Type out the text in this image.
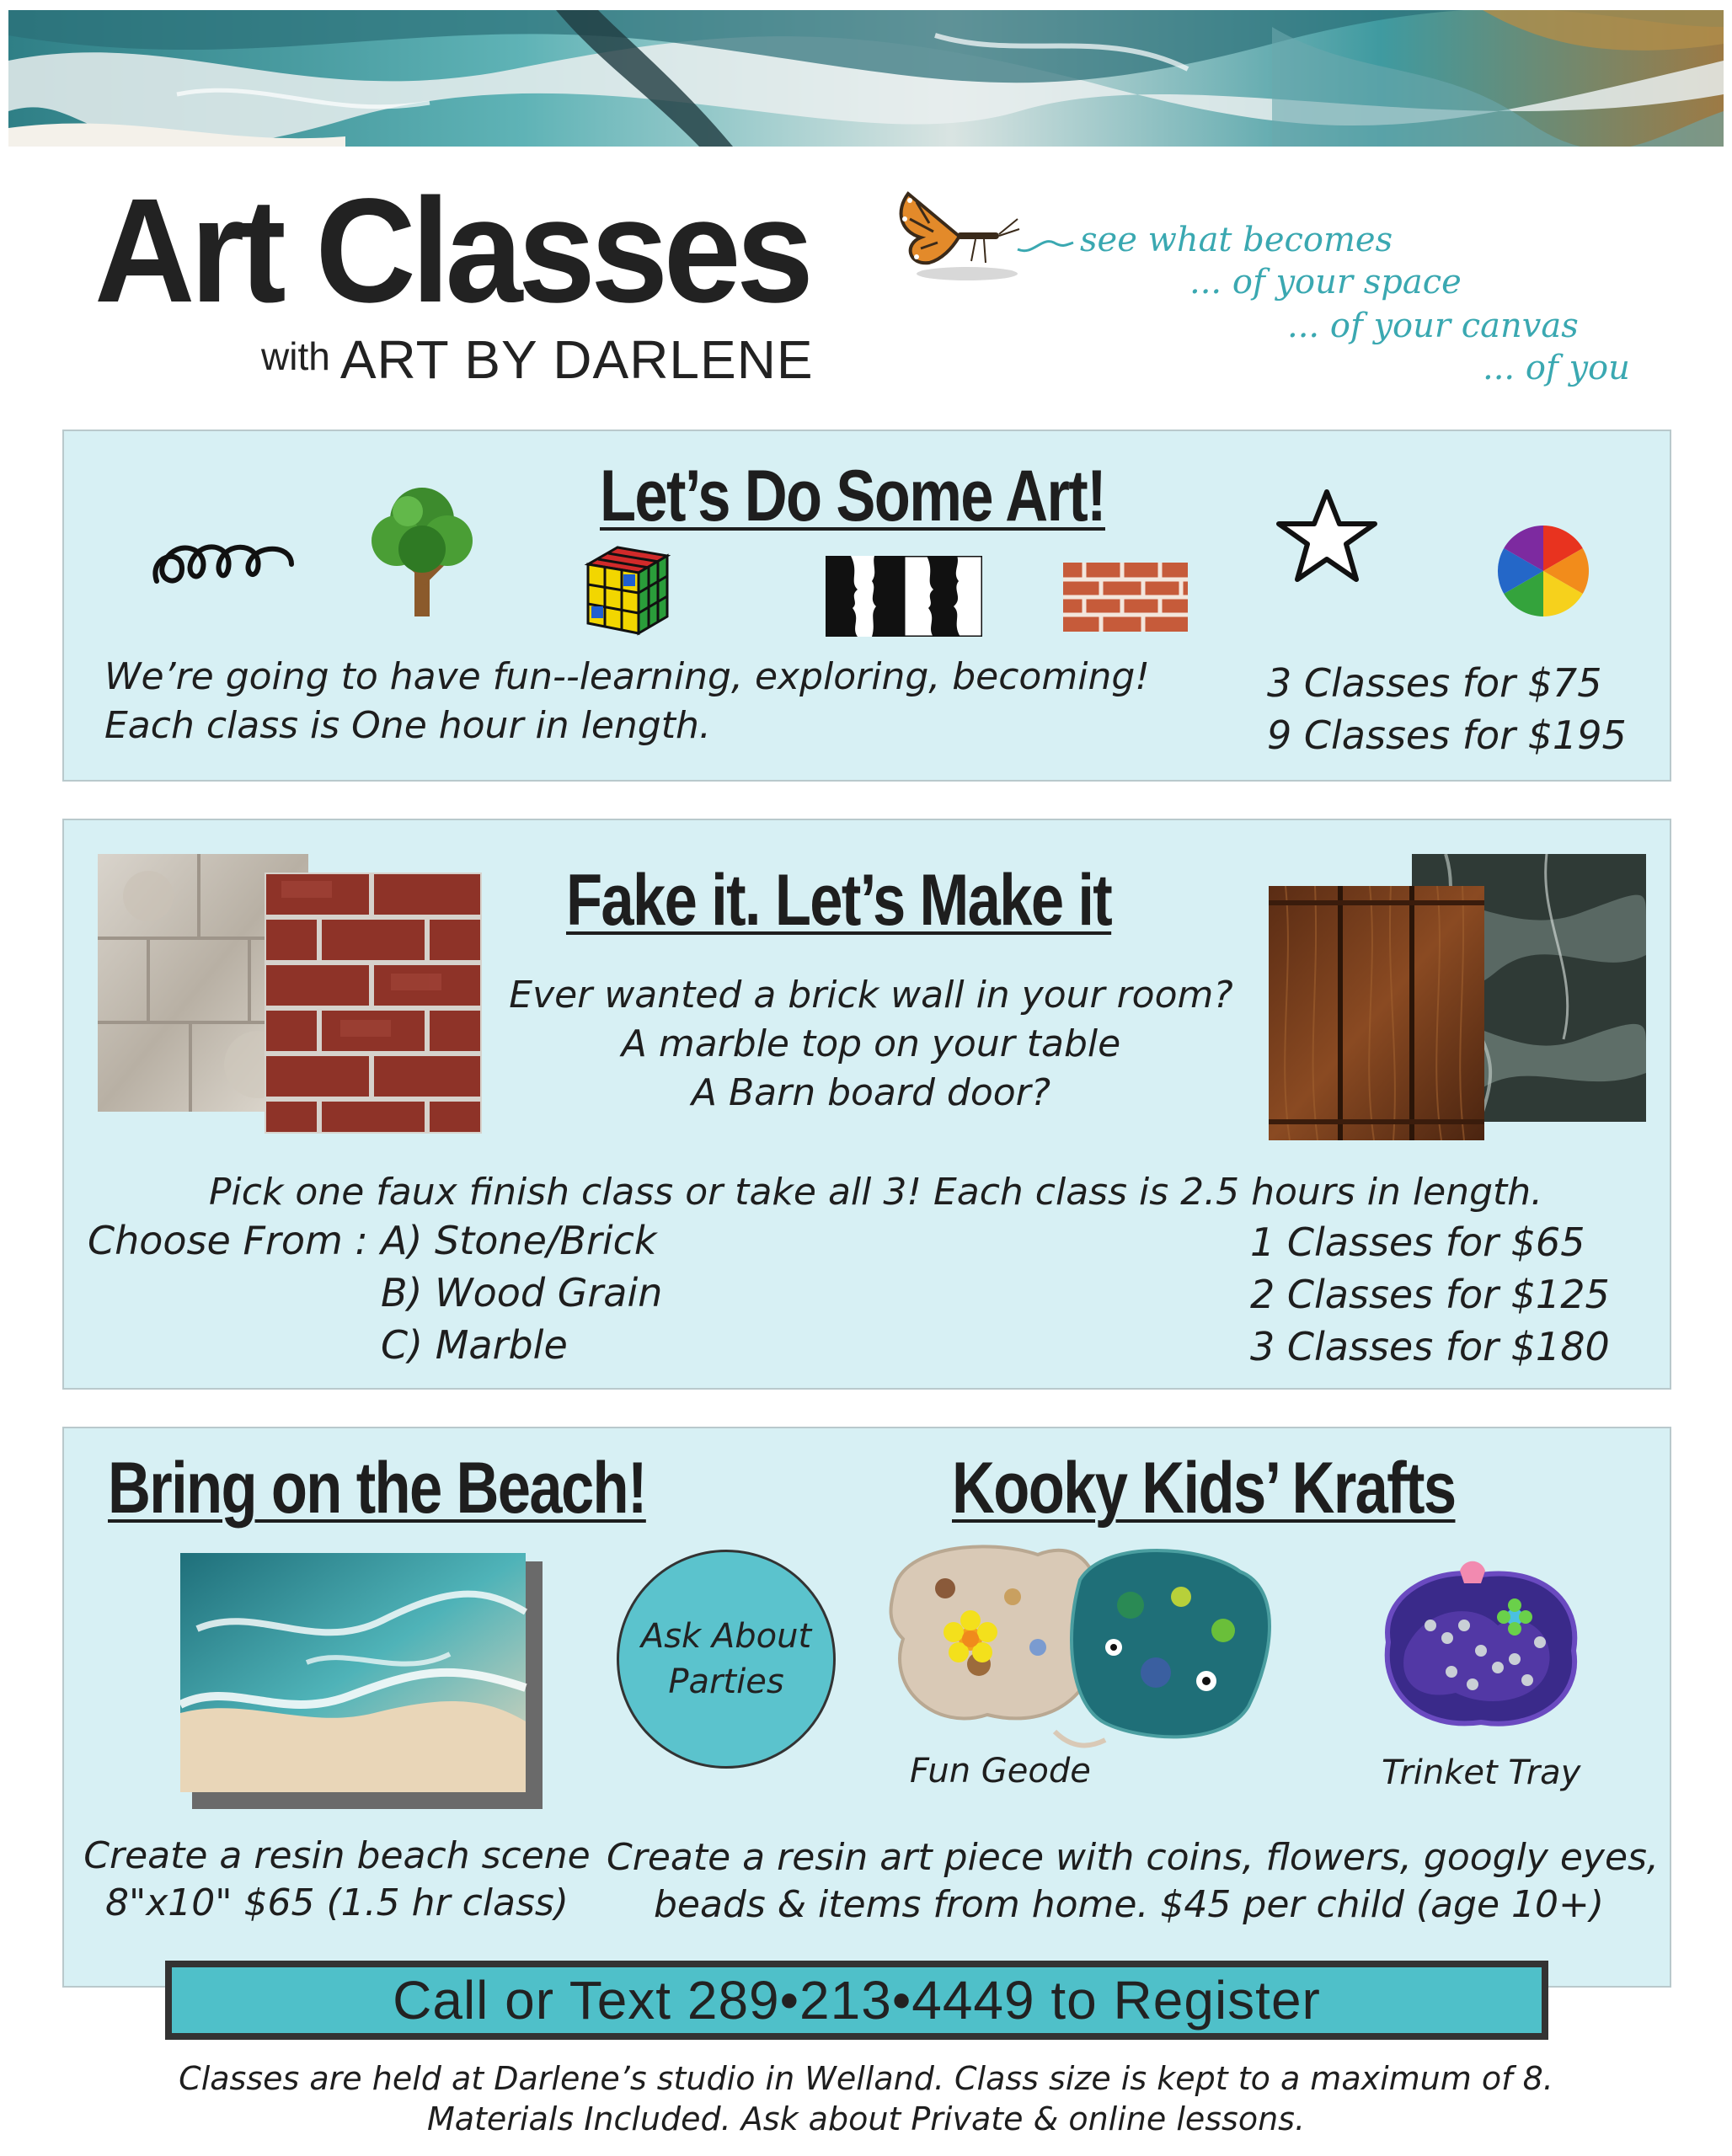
Art Classes
with ART BY DARLENE
see what becomes
... of your space
... of your canvas
... of you
Let’s Do Some Art!
We’re going to have fun--learning, exploring, becoming!
Each class is One hour in length.
3 Classes for $75
9 Classes for $195
Fake it. Let’s Make it
Ever wanted a brick wall in your room?
A marble top on your table
A Barn board door?
Pick one faux finish class or take all 3! Each class is 2.5 hours in length.
Choose From : A) Stone/Brick
B) Wood Grain
C) Marble
1 Classes for $65
2 Classes for $125
3 Classes for $180
Bring on the Beach!	Kooky Kids’ Krafts
Ask About
Parties
Fun Geode	Trinket Tray
Create a resin beach scene
8"x10" $65 (1.5 hr class)
Create a resin art piece with coins, flowers, googly eyes,
beads & items from home. $45 per child (age 10+)
Call or Text 289•213•4449 to Register
Classes are held at Darlene’s studio in Welland. Class size is kept to a maximum of 8.
Materials Included. Ask about Private & online lessons.
